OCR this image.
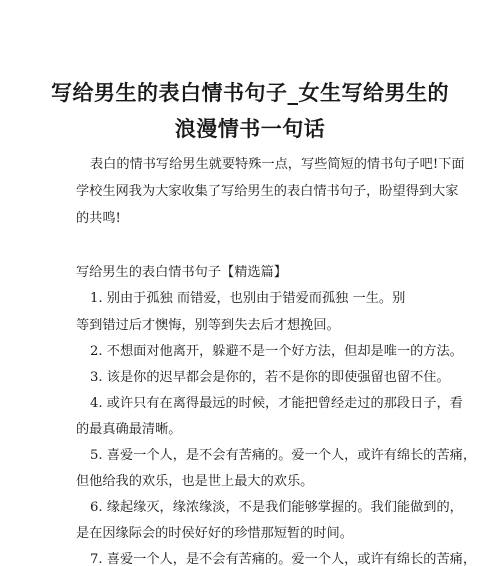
写给男生的表白情书句子_女生写给男生的
浪漫情书一句话
表白的情书写给男生就要特殊一点，写些简短的情书句子吧!下面
学校生网我为大家收集了写给男生的表白情书句子，盼望得到大家
的共鸣!
写给男生的表白情书句子【精选篇】
1. 别由于孤独 而错爱，也别由于错爱而孤独 一生。别
等到错过后才懊悔，别等到失去后才想挽回。
2. 不想面对他离开，躲避不是一个好方法，但却是唯一的方法。
3. 该是你的迟早都会是你的，若不是你的即使强留也留不住。
4. 或许只有在离得最远的时候，才能把曾经走过的那段日子，看
的最真确最清晰。
5. 喜爱一个人，是不会有苦痛的。爱一个人，或许有绵长的苦痛，
但他给我的欢乐，也是世上最大的欢乐。
6. 缘起缘灭，缘浓缘淡，不是我们能够掌握的。我们能做到的，
是在因缘际会的时侯好好的珍惜那短暂的时间。
7. 喜爱一个人，是不会有苦痛的。爱一个人，或许有绵长的苦痛，
